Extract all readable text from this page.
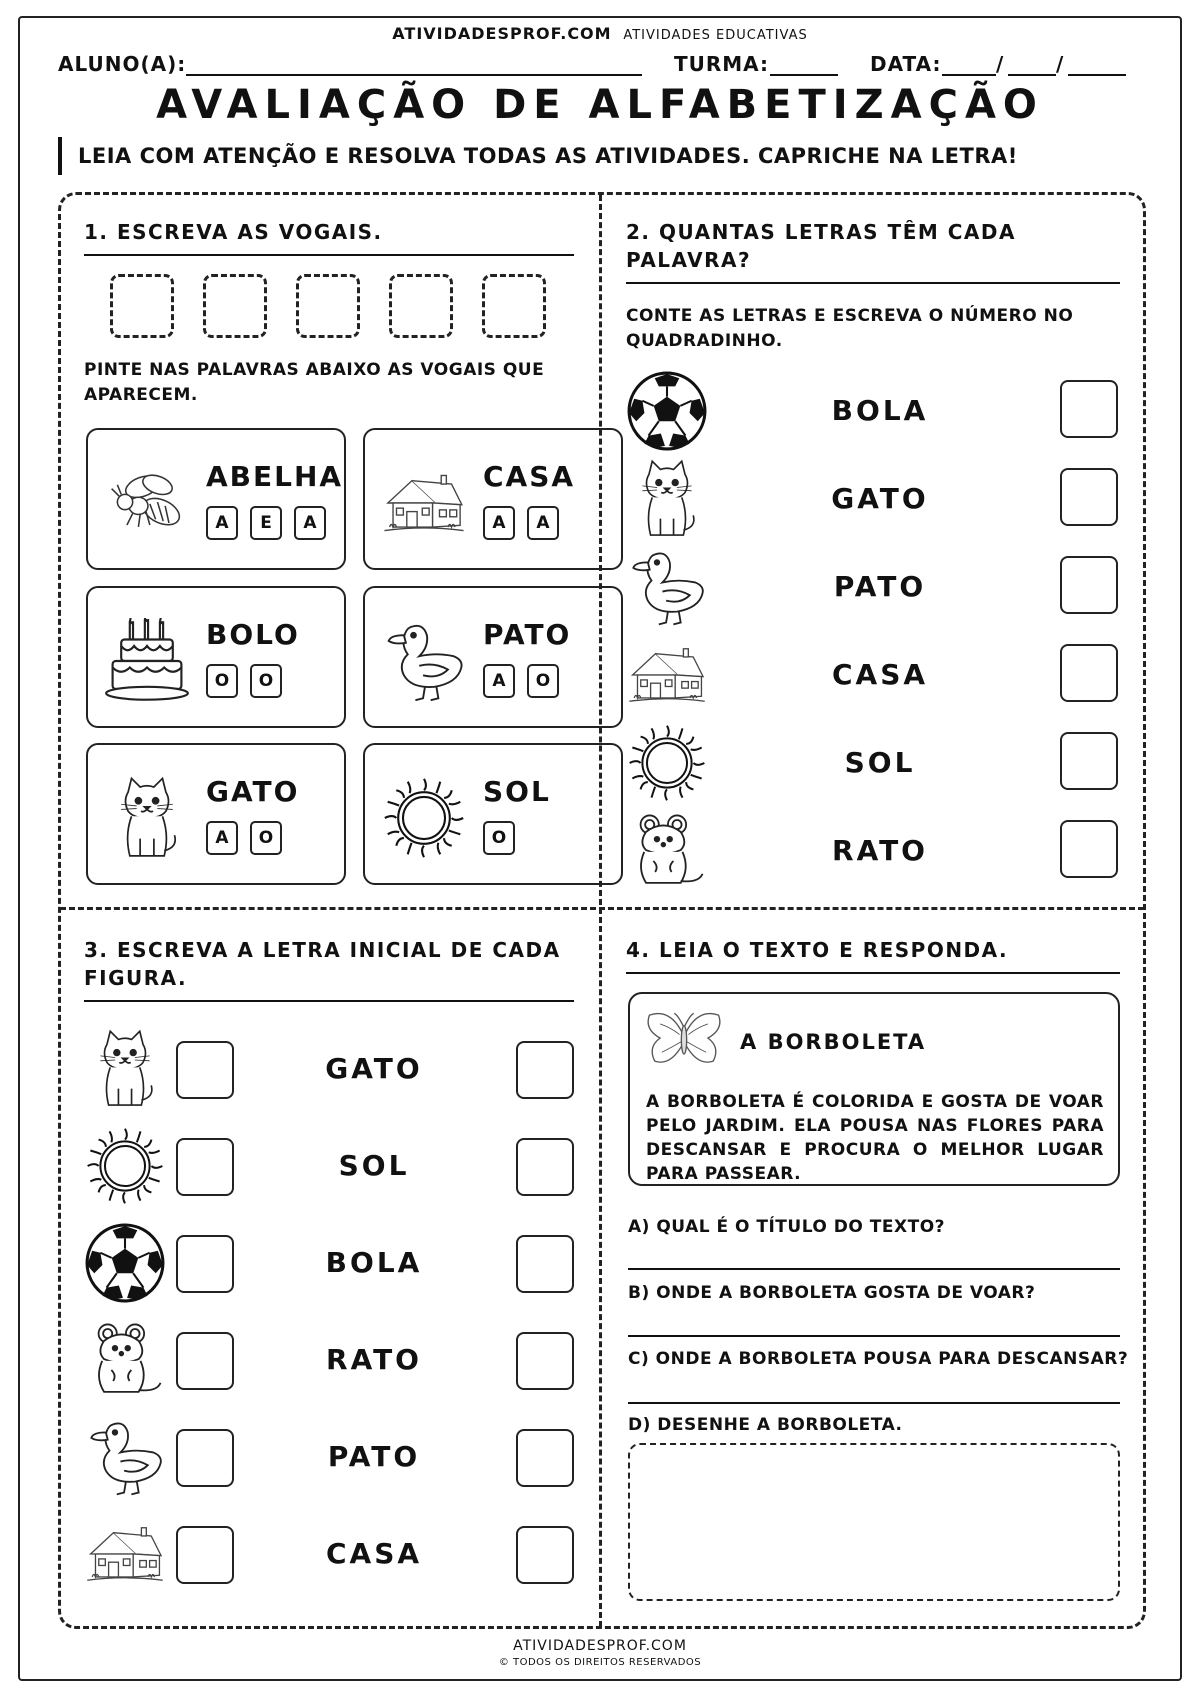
ATIVIDADESPROF.COM ATIVIDADES EDUCATIVAS
ALUNO(A):	TURMA:	DATA:	/	/
AVALIAÇÃO DE ALFABETIZAÇÃO
LEIA COM ATENÇÃO E RESOLVA TODAS AS ATIVIDADES. CAPRICHE NA LETRA!
1. ESCREVA AS VOGAIS.
PINTE NAS PALAVRAS ABAIXO AS VOGAIS QUE APARECEM.
ABELHA
A	E	A
CASA
A	A
BOLO
O	O
PATO
A	O
GATO
A	O
SOL
O
2. QUANTAS LETRAS TÊM CADA
PALAVRA?
CONTE AS LETRAS E ESCREVA O NÚMERO NO
QUADRADINHO.
BOLA
GATO
PATO
CASA
SOL
RATO
3. ESCREVA A LETRA INICIAL DE CADA
FIGURA.
GATO
SOL
BOLA
RATO
PATO
CASA
4. LEIA O TEXTO E RESPONDA.
A BORBOLETA
A BORBOLETA É COLORIDA E GOSTA DE VOAR PELO JARDIM. ELA POUSA NAS FLORES PARA DESCANSAR E PROCURA O MELHOR LUGAR PARA PASSEAR.
A) QUAL É O TÍTULO DO TEXTO?
B) ONDE A BORBOLETA GOSTA DE VOAR?
C) ONDE A BORBOLETA POUSA PARA DESCANSAR?
D) DESENHE A BORBOLETA.
ATIVIDADESPROF.COM
© TODOS OS DIREITOS RESERVADOS
